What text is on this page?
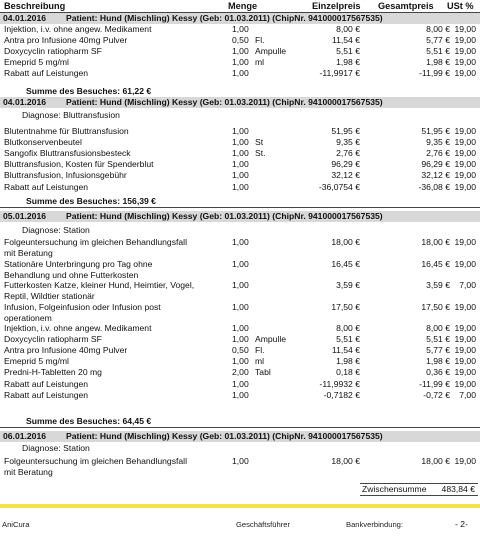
Beschreibung	Menge	Einzelpreis Gesamtpreis USt %
04.01.2016 Patient: Hund (Mischling) Kessy (Geb: 01.03.2011) (ChipNr. 941000017567535)
Injektion, i.v. ohne angew. Medikament	1,00	8,00 €	8,00 € 19,00
Antra pro Infusione 40mg Pulver	0,50 Fl.	11,54 €	5,77 € 19,00
Doxycyclin ratiopharm SF	1,00 Ampulle	5,51 €	5,51 € 19,00
Emeprid 5 mg/ml	1,00 ml	1,98 €	1,98 € 19,00
Rabatt auf Leistungen	1,00	-11,9917 €	-11,99 € 19,00
Summe des Besuches: 61,22 €
04.01.2016 Patient: Hund (Mischling) Kessy (Geb: 01.03.2011) (ChipNr. 941000017567535)
Diagnose: Bluttransfusion
Blutentnahme für Bluttransfusion	1,00	51,95 €	51,95 € 19,00
Blutkonservenbeutel	1,00 St	9,35 €	9,35 € 19,00
Sangofix Bluttransfusionsbesteck	1,00 St.	2,76 €	2,76 € 19,00
Bluttransfusion, Kosten für Spenderblut	1,00	96,29 €	96,29 € 19,00
Bluttransfusion, Infusionsgebühr	1,00	32,12 €	32,12 € 19,00
Rabatt auf Leistungen	1,00	-36,0754 €	-36,08 € 19,00
Summe des Besuches: 156,39 €
05.01.2016 Patient: Hund (Mischling) Kessy (Geb: 01.03.2011) (ChipNr. 941000017567535)
Diagnose: Station
Folgeuntersuchung im gleichen Behandlungsfall	1,00	18,00 €	18,00 € 19,00
mit Beratung
Stationäre Unterbringung pro Tag ohne	1,00	16,45 €	16,45 € 19,00
Behandlung und ohne Futterkosten
Futterkosten Katze, kleiner Hund, Heimtier, Vogel,	1,00	3,59 €	3,59 €	7,00
Reptil, Wildtier stationär
Infusion, Folgeinfusion oder Infusion post	1,00	17,50 €	17,50 € 19,00
operationem
Injektion, i.v. ohne angew. Medikament	1,00	8,00 €	8,00 € 19,00
Doxycyclin ratiopharm SF	1,00 Ampulle	5,51 €	5,51 € 19,00
Antra pro Infusione 40mg Pulver	0,50 Fl.	11,54 €	5,77 € 19,00
Emeprid 5 mg/ml	1,00 ml	1,98 €	1,98 € 19,00
Predni-H-Tabletten 20 mg	2,00 Tabl	0,18 €	0,36 € 19,00
Rabatt auf Leistungen	1,00	-11,9932 €	-11,99 € 19,00
Rabatt auf Leistungen	1,00	-0,7182 €	-0,72 €	7,00
Summe des Besuches: 64,45 €
06.01.2016 Patient: Hund (Mischling) Kessy (Geb: 01.03.2011) (ChipNr. 941000017567535)
Diagnose: Station
Folgeuntersuchung im gleichen Behandlungsfall	1,00	18,00 €	18,00 € 19,00
mit Beratung
Zwischensumme 483,84 €
AniCura	Geschäftsführer	Bankverbindung:	- 2-
